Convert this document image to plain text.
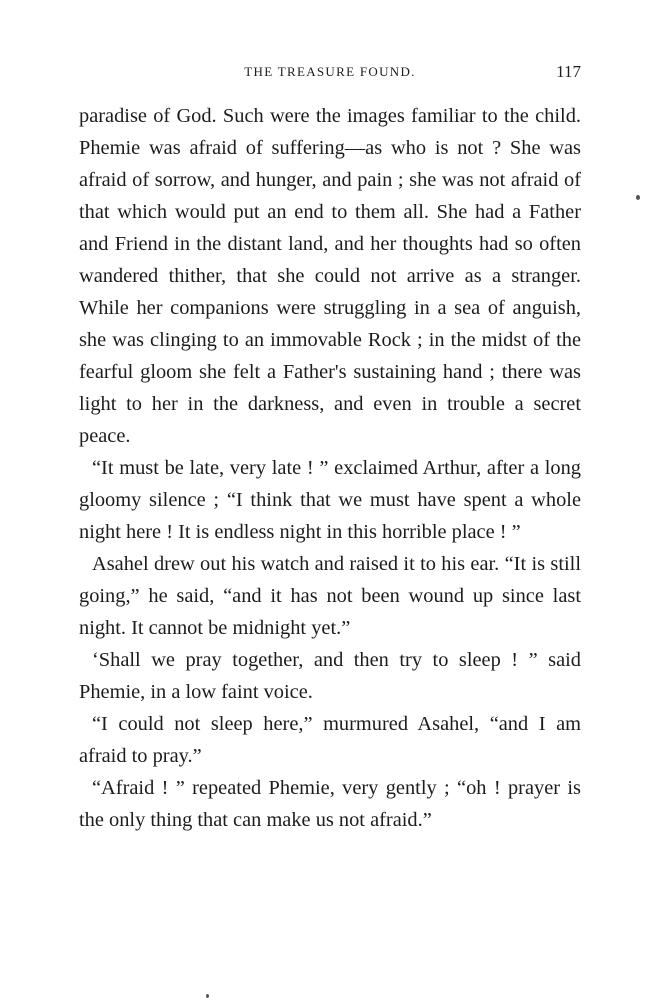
THE TREASURE FOUND.	117

paradise of God. Such were the images familiar to the child. Phemie was afraid of suffering—as who is not ? She was afraid of sorrow, and hunger, and pain ; she was not afraid of that which would put an end to them all. She had a Father and Friend in the distant land, and her thoughts had so often wandered thither, that she could not arrive as a stranger. While her companions were struggling in a sea of anguish, she was clinging to an immovable Rock ; in the midst of the fearful gloom she felt a Father's sustaining hand ; there was light to her in the darkness, and even in trouble a secret peace.

“It must be late, very late ! ” exclaimed Arthur, after a long gloomy silence ; “I think that we must have spent a whole night here ! It is endless night in this horrible place ! ”

Asahel drew out his watch and raised it to his ear. “It is still going,” he said, “and it has not been wound up since last night. It cannot be midnight yet.”

‘Shall we pray together, and then try to sleep ! ” said Phemie, in a low faint voice.

“I could not sleep here,” murmured Asahel, “and I am afraid to pray.”

“Afraid ! ” repeated Phemie, very gently ; “oh ! prayer is the only thing that can make us not afraid.”
